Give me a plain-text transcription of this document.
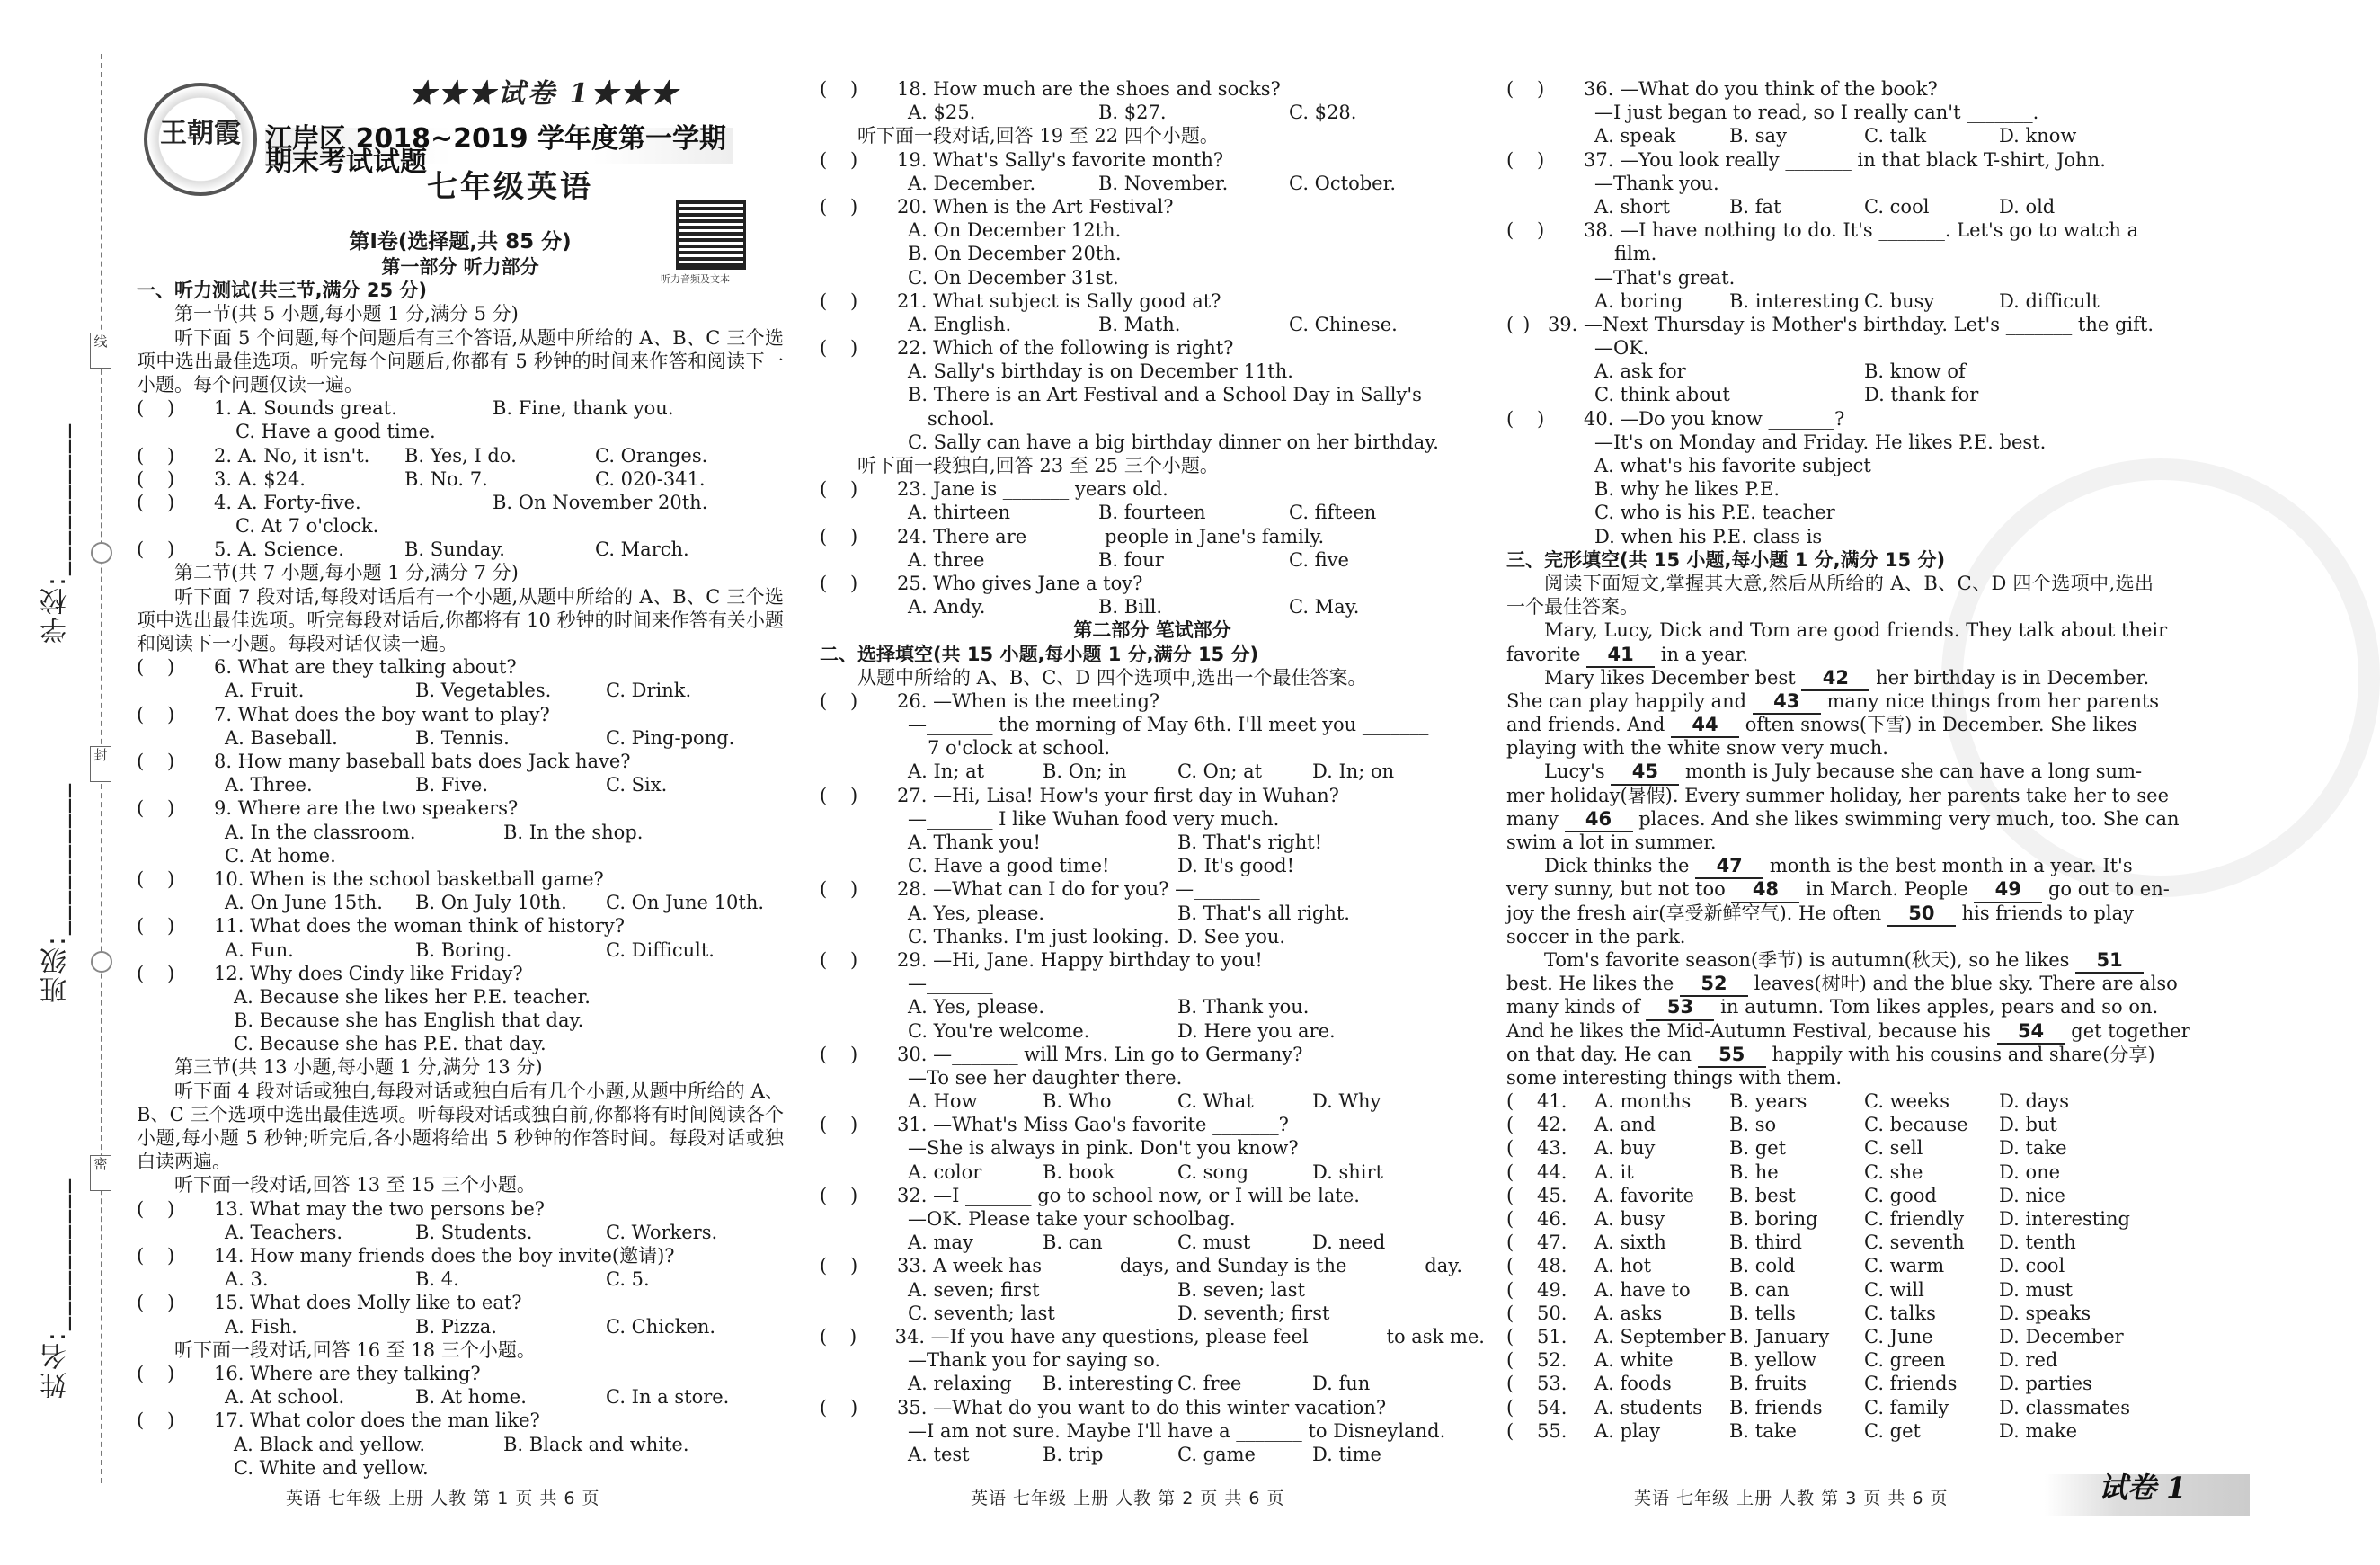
学校:__________
班级:__________
姓名:__________
线
封
密
王朝霞
★★★试卷 1★★★
江岸区 2018~2019 学年度第一学期期末考试试题
七年级英语
听力音频及文本
第Ⅰ卷(选择题,共 85 分)
第一部分 听力部分
一、听力测试(共三节,满分 25 分)
第一节(共 5 小题,每小题 1 分,满分 5 分)
听下面 5 个问题,每个问题后有三个答语,从题中所给的 A、B、C 三个选项中选出最佳选项。听完每个问题后,你都有 5 秒钟的时间来作答和阅读下一小题。每个问题仅读一遍。
(	)	1. A. Sounds great.	B. Fine, thank you.
C. Have a good time.
(	)	2. A. No, it isn't.	B. Yes, I do.	C. Oranges.
(	)	3. A. $24.	B. No. 7.	C. 020-341.
(	)	4. A. Forty-five.	B. On November 20th.
C. At 7 o'clock.
(	)	5. A. Science.	B. Sunday.	C. March.
第二节(共 7 小题,每小题 1 分,满分 7 分)
听下面 7 段对话,每段对话后有一个小题,从题中所给的 A、B、C 三个选项中选出最佳选项。听完每段对话后,你都将有 10 秒钟的时间来作答有关小题和阅读下一小题。每段对话仅读一遍。
(	)	6. What are they talking about?
A. Fruit.	B. Vegetables.	C. Drink.
(	)	7. What does the boy want to play?
A. Baseball.	B. Tennis.	C. Ping-pong.
(	)	8. How many baseball bats does Jack have?
A. Three.	B. Five.	C. Six.
(	)	9. Where are the two speakers?
A. In the classroom.	B. In the shop.
C. At home.
(	)	10. When is the school basketball game?
A. On June 15th.	B. On July 10th.	C. On June 10th.
(	)	11. What does the woman think of history?
A. Fun.	B. Boring.	C. Difficult.
(	)	12. Why does Cindy like Friday?
A. Because she likes her P.E. teacher.
B. Because she has English that day.
C. Because she has P.E. that day.
第三节(共 13 小题,每小题 1 分,满分 13 分)
听下面 4 段对话或独白,每段对话或独白后有几个小题,从题中所给的 A、B、C 三个选项中选出最佳选项。听每段对话或独白前,你都将有时间阅读各个小题,每小题 5 秒钟;听完后,各小题将给出 5 秒钟的作答时间。每段对话或独白读两遍。
听下面一段对话,回答 13 至 15 三个小题。
(	)	13. What may the two persons be?
A. Teachers.	B. Students.	C. Workers.
(	)	14. How many friends does the boy invite(邀请)?
A. 3.	B. 4.	C. 5.
(	)	15. What does Molly like to eat?
A. Fish.	B. Pizza.	C. Chicken.
听下面一段对话,回答 16 至 18 三个小题。
(	)	16. Where are they talking?
A. At school.	B. At home.	C. In a store.
(	)	17. What color does the man like?
A. Black and yellow.	B. Black and white.
C. White and yellow.
(	)	18. How much are the shoes and socks?
A. $25.	B. $27.	C. $28.
听下面一段对话,回答 19 至 22 四个小题。
(	)	19. What's Sally's favorite month?
A. December.	B. November.	C. October.
(	)	20. When is the Art Festival?
A. On December 12th.
B. On December 20th.
C. On December 31st.
(	)	21. What subject is Sally good at?
A. English.	B. Math.	C. Chinese.
(	)	22. Which of the following is right?
A. Sally's birthday is on December 11th.
B. There is an Art Festival and a School Day in Sally's
school.
C. Sally can have a big birthday dinner on her birthday.
听下面一段独白,回答 23 至 25 三个小题。
(	)	23. Jane is _______ years old.
A. thirteen	B. fourteen	C. fifteen
(	)	24. There are _______ people in Jane's family.
A. three	B. four	C. five
(	)	25. Who gives Jane a toy?
A. Andy.	B. Bill.	C. May.
第二部分 笔试部分
二、选择填空(共 15 小题,每小题 1 分,满分 15 分)
从题中所给的 A、B、C、D 四个选项中,选出一个最佳答案。
(	)	26. —When is the meeting?
—_______ the morning of May 6th. I'll meet you _______
7 o'clock at school.
A. In; at	B. On; in	C. On; at	D. In; on
(	)	27. —Hi, Lisa! How's your first day in Wuhan?
—_______ I like Wuhan food very much.
A. Thank you!	B. That's right!
C. Have a good time!	D. It's good!
(	)	28. —What can I do for you? —_______
A. Yes, please.	B. That's all right.
C. Thanks. I'm just looking. D. See you.
(	)	29. —Hi, Jane. Happy birthday to you!
—_______
A. Yes, please.	B. Thank you.
C. You're welcome.	D. Here you are.
(	)	30. —_______ will Mrs. Lin go to Germany?
—To see her daughter there.
A. How	B. Who	C. What	D. Why
(	)	31. —What's Miss Gao's favorite _______?
—She is always in pink. Don't you know?
A. color	B. book	C. song	D. shirt
(	)	32. —I _______ go to school now, or I will be late.
—OK. Please take your schoolbag.
A. may	B. can	C. must	D. need
(	)	33. A week has _______ days, and Sunday is the _______ day.
A. seven; first	B. seven; last
C. seventh; last	D. seventh; first
(	)	34. —If you have any questions, please feel _______ to ask me.
—Thank you for saying so.
A. relaxing	B. interesting C. free	D. fun
(	)	35. —What do you want to do this winter vacation?
—I am not sure. Maybe I'll have a _______ to Disneyland.
A. test	B. trip	C. game	D. time
(	)	36. —What do you think of the book?
—I just began to read, so I really can't _______.
A. speak	B. say	C. talk	D. know
(	)	37. —You look really _______ in that black T-shirt, John.
—Thank you.
A. short	B. fat	C. cool	D. old
(	)	38. —I have nothing to do. It's _______. Let's go to watch a
film.
—That's great.
A. boring	B. interesting C. busy	D. difficult
( ) 39. —Next Thursday is Mother's birthday. Let's _______ the gift.
—OK.
A. ask for	B. know of
C. think about	D. thank for
(	)	40. —Do you know _______?
—It's on Monday and Friday. He likes P.E. best.
A. what's his favorite subject
B. why he likes P.E.
C. who is his P.E. teacher
D. when his P.E. class is
三、完形填空(共 15 小题,每小题 1 分,满分 15 分)
阅读下面短文,掌握其大意,然后从所给的 A、B、C、D 四个选项中,选出一个最佳答案。
Mary, Lucy, Dick and Tom are good friends. They talk about their
favorite 41 in a year.
Mary likes December best 42 her birthday is in December.
She can play happily and 43 many nice things from her parents
and friends. And 44 often snows(下雪) in December. She likes
playing with the white snow very much.
Lucy's 45 month is July because she can have a long sum-
mer holiday(暑假). Every summer holiday, her parents take her to see
many 46 places. And she likes swimming very much, too. She can
swim a lot in summer.
Dick thinks the 47 month is the best month in a year. It's
very sunny, but not too 48 in March. People 49 go out to en-
joy the fresh air(享受新鲜空气). He often 50 his friends to play
soccer in the park.
Tom's favorite season(季节) is autumn(秋天), so he likes 51
best. He likes the 52 leaves(树叶) and the blue sky. There are also
many kinds of 53 in autumn. Tom likes apples, pears and so on.
And he likes the Mid-Autumn Festival, because his 54 get together
on that day. He can 55 happily with his cousins and share(分享)
some interesting things with them.
(	41.	A. months	B. years	C. weeks	D. days
(	42.	A. and	B. so	C. because	D. but
(	43.	A. buy	B. get	C. sell	D. take
(	44.	A. it	B. he	C. she	D. one
(	45.	A. favorite	B. best	C. good	D. nice
(	46.	A. busy	B. boring	C. friendly	D. interesting
(	47.	A. sixth	B. third	C. seventh	D. tenth
(	48.	A. hot	B. cold	C. warm	D. cool
(	49.	A. have to	B. can	C. will	D. must
(	50.	A. asks	B. tells	C. talks	D. speaks
(	51.	A. September B. January	C. June	D. December
(	52.	A. white	B. yellow	C. green	D. red
(	53.	A. foods	B. fruits	C. friends	D. parties
(	54.	A. students	B. friends	C. family	D. classmates
(	55.	A. play	B. take	C. get	D. make
英语 七年级 上册 人教 第 1 页 共 6 页	英语 七年级 上册 人教 第 2 页 共 6 页	英语 七年级 上册 人教 第 3 页 共 6 页	试卷 1
